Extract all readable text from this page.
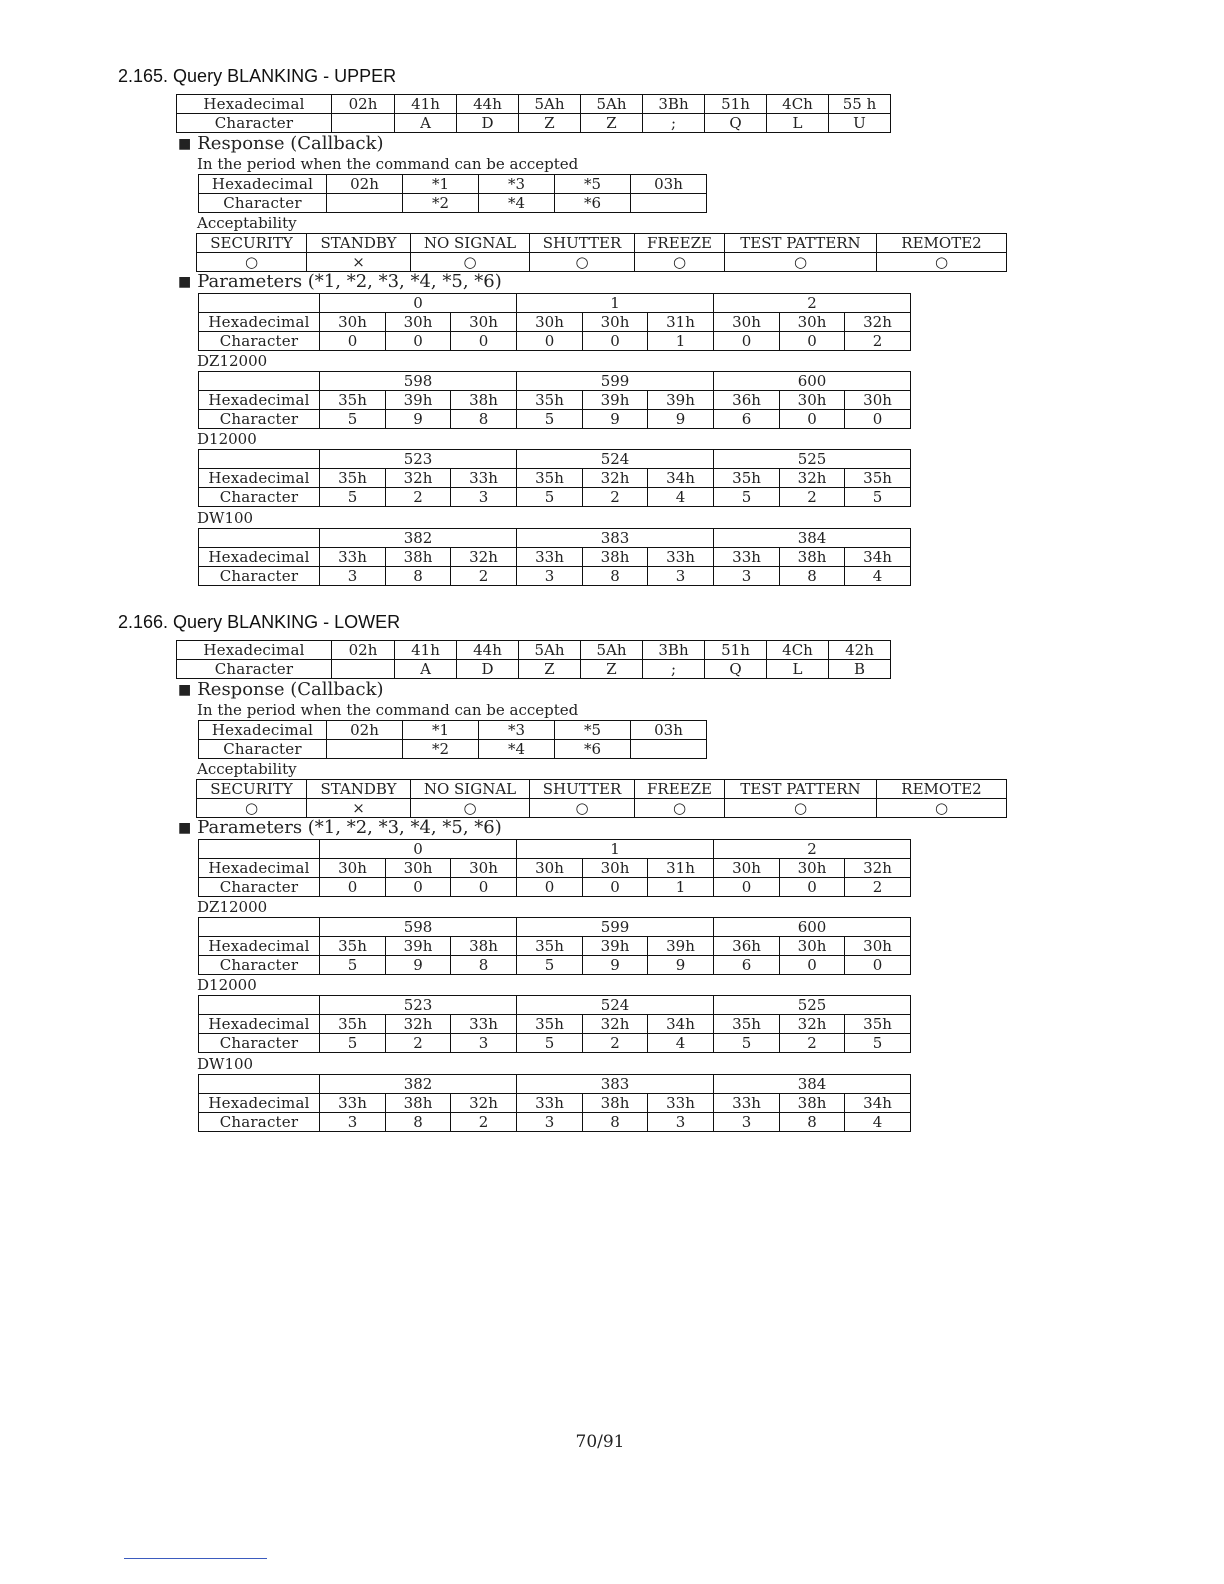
2.165. Query BLANKING - UPPER
Hexadecimal	02h	41h	44h	5Ah	5Ah	3Bh	51h	4Ch	55 h	
Character		A	D	Z	Z	;	Q	L	U	
■ Response (Callback)
In the period when the command can be accepted
Hexadecimal	02h	*1	*3	*5	03h
Character		*2	*4	*6	
Acceptability
SECURITY	STANDBY	NO SIGNAL	SHUTTER	FREEZE	TEST PATTERN	REMOTE2
○	×	○	○	○	○	○
■ Parameters (*1, *2, *3, *4, *5, *6)
	0			1			2		
Hexadecimal	30h	30h	30h	30h	30h	31h	30h	30h	32h
Character	0	0	0	0	0	1	0	0	2
DZ12000
	598			599			600		
Hexadecimal	35h	39h	38h	35h	39h	39h	36h	30h	30h
Character	5	9	8	5	9	9	6	0	0
D12000
	523			524			525		
Hexadecimal	35h	32h	33h	35h	32h	34h	35h	32h	35h
Character	5	2	3	5	2	4	5	2	5
DW100
	382			383			384		
Hexadecimal	33h	38h	32h	33h	38h	33h	33h	38h	34h
Character	3	8	2	3	8	3	3	8	4
2.166. Query BLANKING - LOWER
Hexadecimal	02h	41h	44h	5Ah	5Ah	3Bh	51h	4Ch	42h	
Character		A	D	Z	Z	;	Q	L	B	
■ Response (Callback)
In the period when the command can be accepted
Hexadecimal	02h	*1	*3	*5	03h
Character		*2	*4	*6	
Acceptability
SECURITY	STANDBY	NO SIGNAL	SHUTTER	FREEZE	TEST PATTERN	REMOTE2
○	×	○	○	○	○	○
■ Parameters (*1, *2, *3, *4, *5, *6)
	0			1			2		
Hexadecimal	30h	30h	30h	30h	30h	31h	30h	30h	32h
Character	0	0	0	0	0	1	0	0	2
DZ12000
	598			599			600		
Hexadecimal	35h	39h	38h	35h	39h	39h	36h	30h	30h
Character	5	9	8	5	9	9	6	0	0
D12000
	523			524			525		
Hexadecimal	35h	32h	33h	35h	32h	34h	35h	32h	35h
Character	5	2	3	5	2	4	5	2	5
DW100
	382			383			384		
Hexadecimal	33h	38h	32h	33h	38h	33h	33h	38h	34h
Character	3	8	2	3	8	3	3	8	4
70/91
